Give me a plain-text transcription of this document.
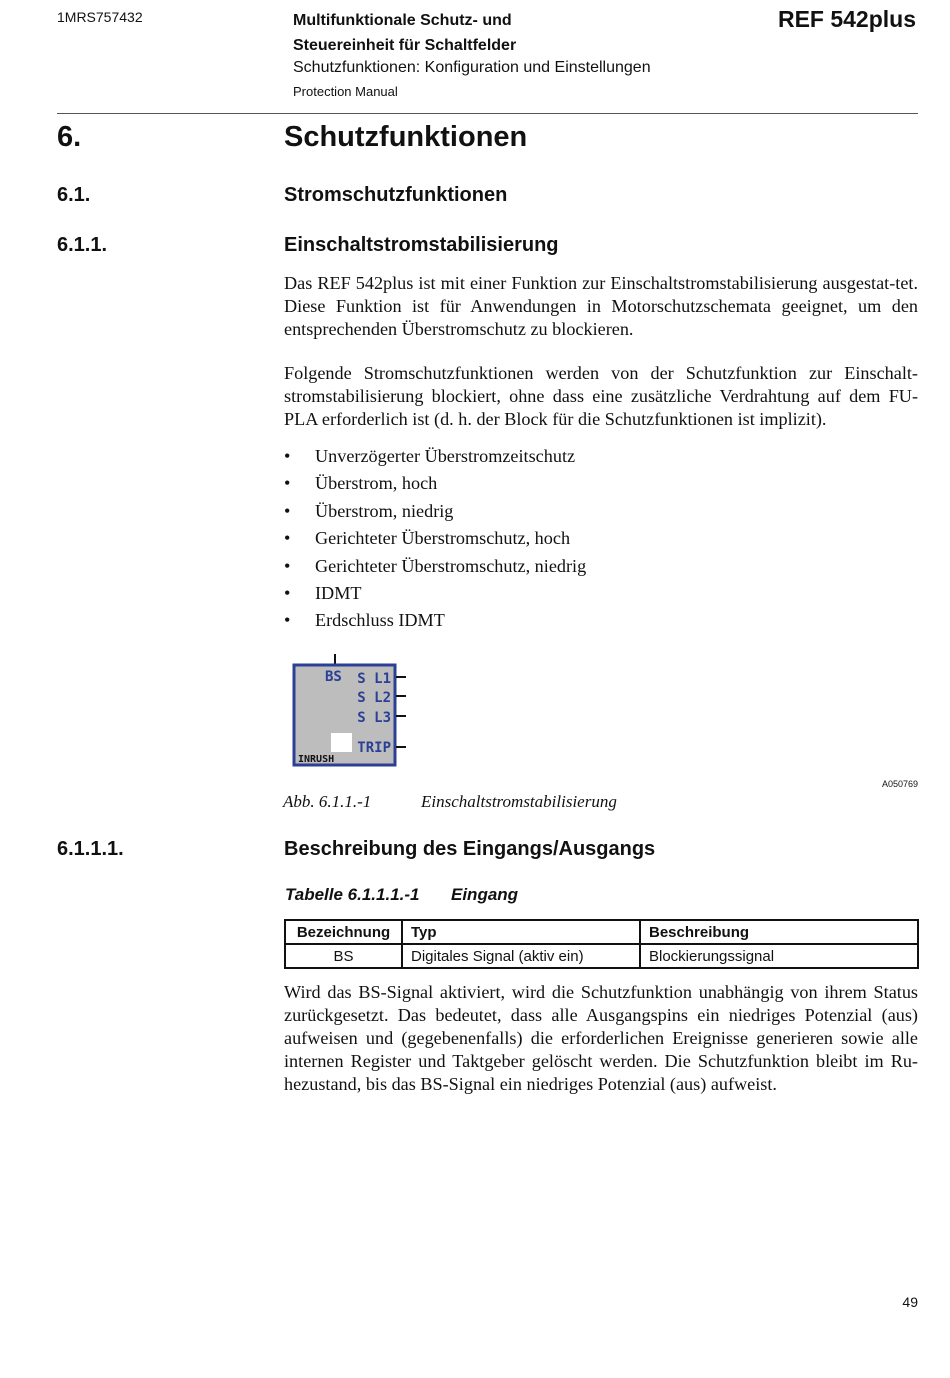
1MRS757432	Multifunktionale Schutz- und
Steuereinheit für Schaltfelder
Schutzfunktionen: Konfiguration und Einstellungen
Protection Manual
REF 542plus
6.	Schutzfunktionen
6.1.	Stromschutzfunktionen
6.1.1.	Einschaltstromstabilisierung
Das REF 542plus ist mit einer Funktion zur Einschaltstromstabilisierung ausgestat-tet. Diese Funktion ist für Anwendungen in Motorschutzschemata geeignet, um den entsprechenden Überstromschutz zu blockieren.
Folgende Stromschutzfunktionen werden von der Schutzfunktion zur Einschalt-stromstabilisierung blockiert, ohne dass eine zusätzliche Verdrahtung auf dem FU-PLA erforderlich ist (d. h. der Block für die Schutzfunktionen ist implizit).
• Unverzögerter Überstromzeitschutz
• Überstrom, hoch
• Überstrom, niedrig
• Gerichteter Überstromschutz, hoch
• Gerichteter Überstromschutz, niedrig
• IDMT
• Erdschluss IDMT
BS S L1
S L2
S L3
TRIP
INRUSH
A050769
Abb. 6.1.1.-1	Einschaltstromstabilisierung
6.1.1.1.	Beschreibung des Eingangs/Ausgangs
Tabelle 6.1.1.1.-1 Eingang
Bezeichnung	Typ	Beschreibung
BS	Digitales Signal (aktiv ein)	Blockierungssignal
Wird das BS-Signal aktiviert, wird die Schutzfunktion unabhängig von ihrem Status zurückgesetzt. Das bedeutet, dass alle Ausgangspins ein niedriges Potenzial (aus) aufweisen und (gegebenenfalls) die erforderlichen Ereignisse generieren sowie alle internen Register und Taktgeber gelöscht werden. Die Schutzfunktion bleibt im Ru-hezustand, bis das BS-Signal ein niedriges Potenzial (aus) aufweist.
49
